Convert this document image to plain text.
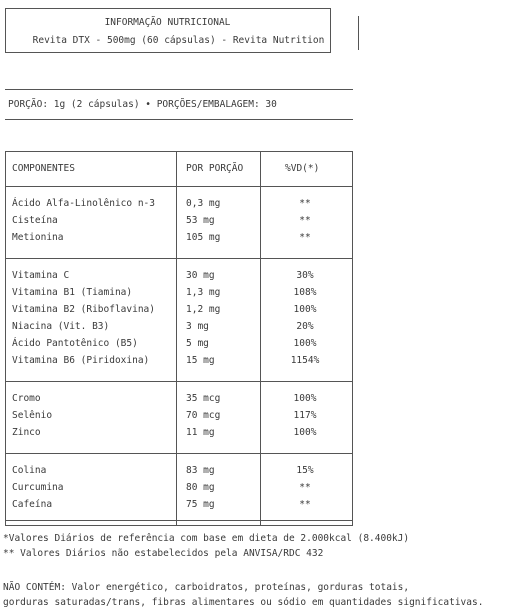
INFORMAÇÃO NUTRICIONAL
Revita DTX - 500mg (60 cápsulas) - Revita Nutrition
PORÇÃO: 1g (2 cápsulas) • PORÇÕES/EMBALAGEM: 30
COMPONENTES	POR PORÇÃO	%VD(*)
Ácido Alfa-Linolênico n-3	0,3 mg	**
Cisteína	53 mg	**
Metionina	105 mg	**
Vitamina C	30 mg	30%
Vitamina B1 (Tiamina)	1,3 mg	108%
Vitamina B2 (Riboflavina)	1,2 mg	100%
Niacina (Vit. B3)	3 mg	20%
Ácido Pantotênico (B5)	5 mg	100%
Vitamina B6 (Piridoxina)	15 mg	1154%
Cromo	35 mcg	100%
Selênio	70 mcg	117%
Zinco	11 mg	100%
Colina	83 mg	15%
Curcumina	80 mg	**
Cafeína	75 mg	**
*Valores Diários de referência com base em dieta de 2.000kcal (8.400kJ)
** Valores Diários não estabelecidos pela ANVISA/RDC 432
NÃO CONTÉM: Valor energético, carboidratos, proteínas, gorduras totais,
gorduras saturadas/trans, fibras alimentares ou sódio em quantidades significativas.
